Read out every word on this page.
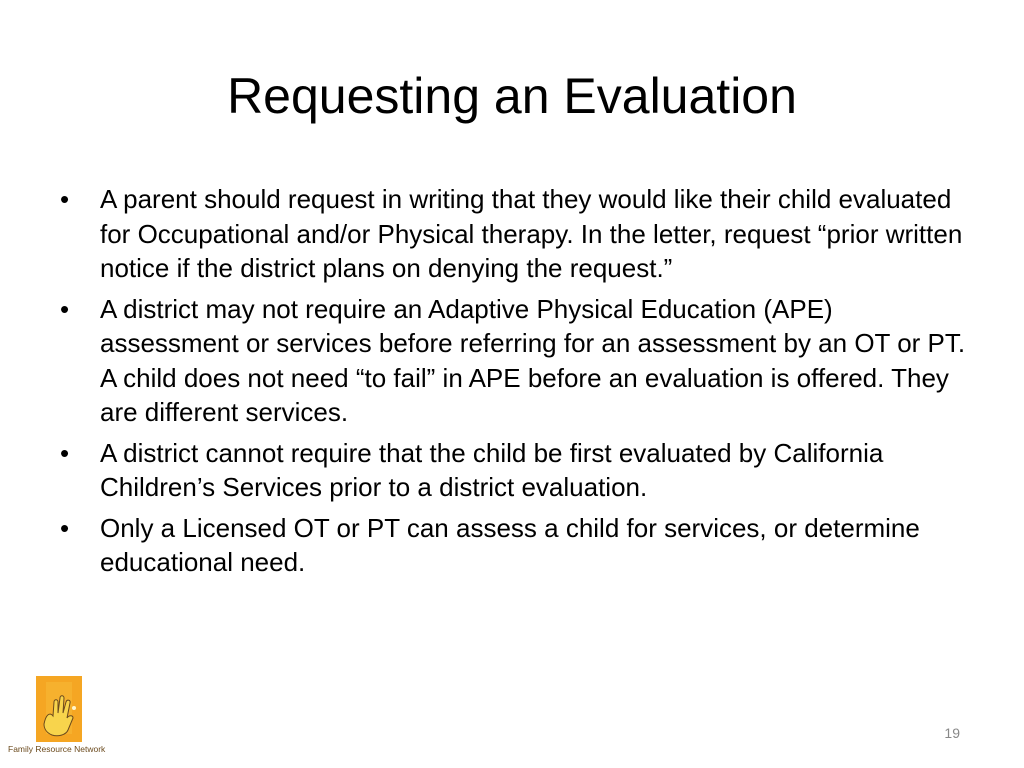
Requesting an Evaluation
• A parent should request in writing that they would like their child evaluated for Occupational and/or Physical therapy. In the letter, request “prior written notice if the district plans on denying the request.”
• A district may not require an Adaptive Physical Education (APE) assessment or services before referring for an assessment by an OT or PT. A child does not need “to fail” in APE before an evaluation is offered. They are different services.
• A district cannot require that the child be first evaluated by California Children’s Services prior to a district evaluation.
• Only a Licensed OT or PT can assess a child for services, or determine educational need.
Family Resource Network
19
